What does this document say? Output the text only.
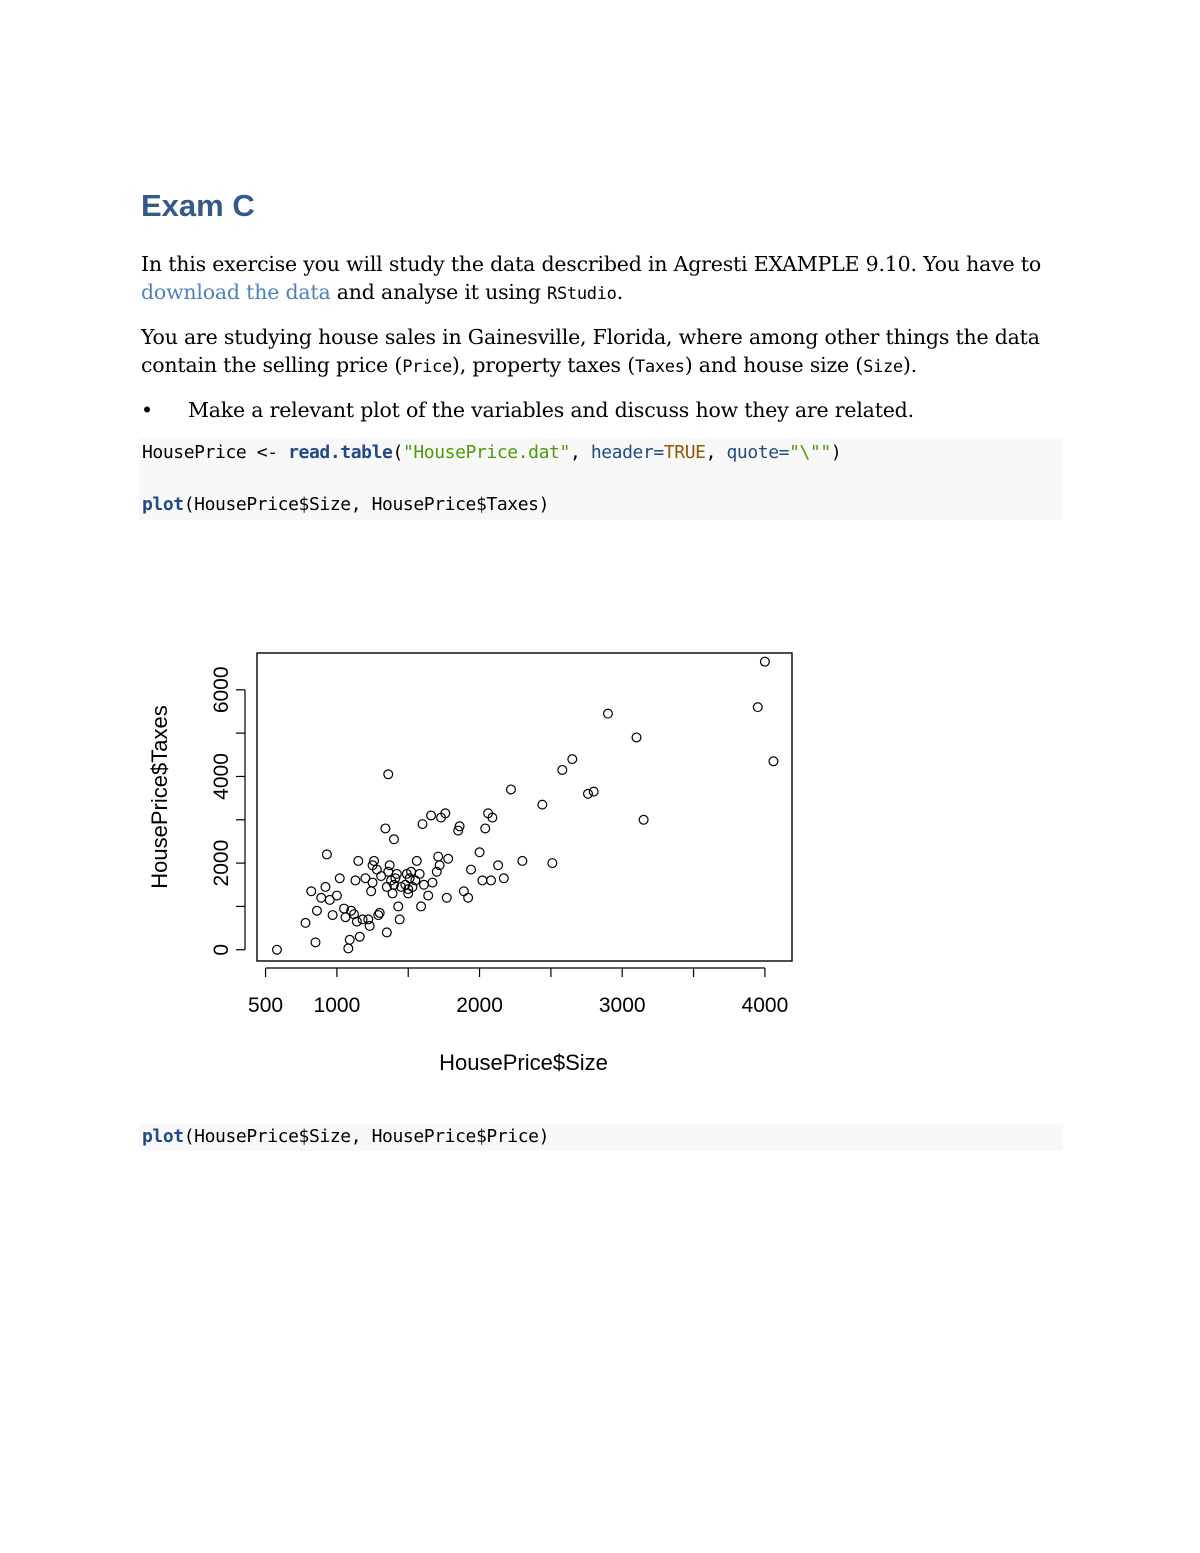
Exam C

In this exercise you will study the data described in Agresti EXAMPLE 9.10. You have to download the data and analyse it using RStudio.

You are studying house sales in Gainesville, Florida, where among other things the data contain the selling price (Price), property taxes (Taxes) and house size (Size).

• Make a relevant plot of the variables and discuss how they are related.
HousePrice <- read.table("HousePrice.dat", header=TRUE, quote="\"")
plot(HousePrice$Size, HousePrice$Taxes)
500 1000	2000	3000	4000
0
2000
4000
6000
HousePrice$Size
HousePrice$Taxes
plot(HousePrice$Size, HousePrice$Price)
